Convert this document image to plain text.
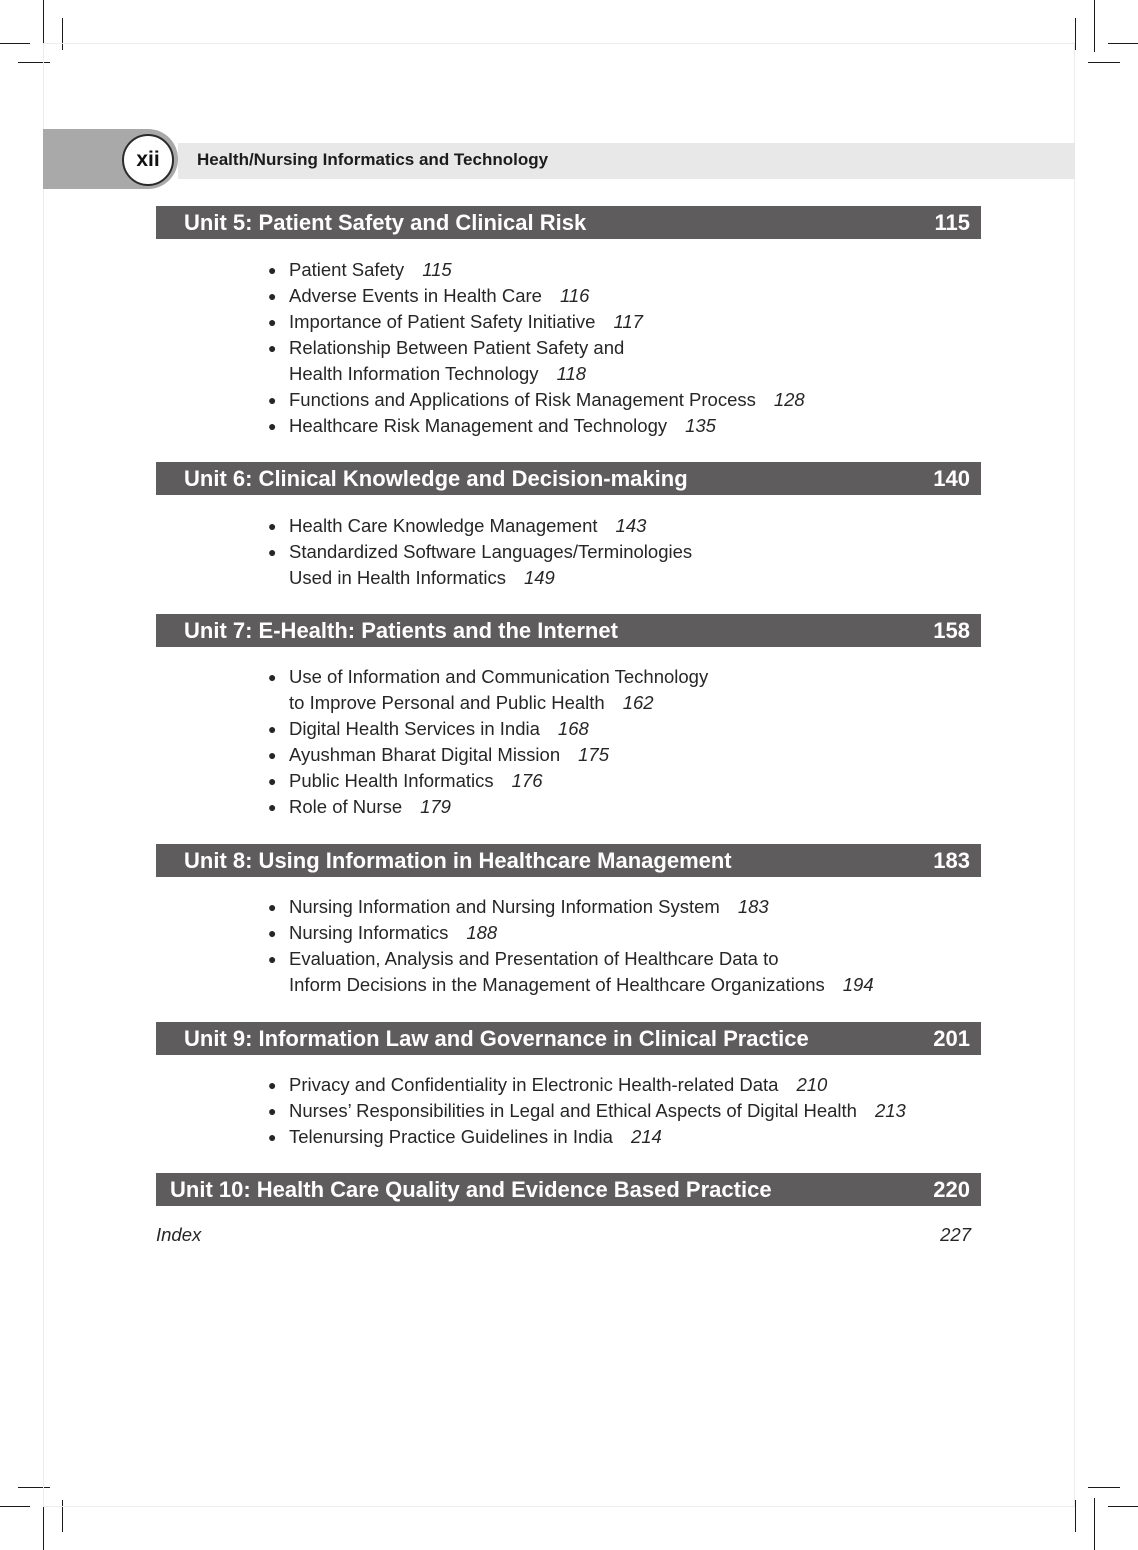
xii	Health/Nursing Informatics and Technology
Unit 5: Patient Safety and Clinical Risk	115
● Patient Safety 115
● Adverse Events in Health Care 116
● Importance of Patient Safety Initiative 117
● Relationship Between Patient Safety and
Health Information Technology 118
● Functions and Applications of Risk Management Process 128
● Healthcare Risk Management and Technology 135
Unit 6: Clinical Knowledge and Decision-making	140
● Health Care Knowledge Management 143
● Standardized Software Languages/Terminologies
Used in Health Informatics 149
Unit 7: E-Health: Patients and the Internet	158
● Use of Information and Communication Technology
to Improve Personal and Public Health 162
● Digital Health Services in India 168
● Ayushman Bharat Digital Mission 175
● Public Health Informatics 176
● Role of Nurse 179
Unit 8: Using Information in Healthcare Management	183
● Nursing Information and Nursing Information System 183
● Nursing Informatics 188
● Evaluation, Analysis and Presentation of Healthcare Data to
Inform Decisions in the Management of Healthcare Organizations 194
Unit 9: Information Law and Governance in Clinical Practice	201
● Privacy and Confidentiality in Electronic Health-related Data 210
● Nurses’ Responsibilities in Legal and Ethical Aspects of Digital Health 213
● Telenursing Practice Guidelines in India 214
Unit 10: Health Care Quality and Evidence Based Practice	220
Index	227
